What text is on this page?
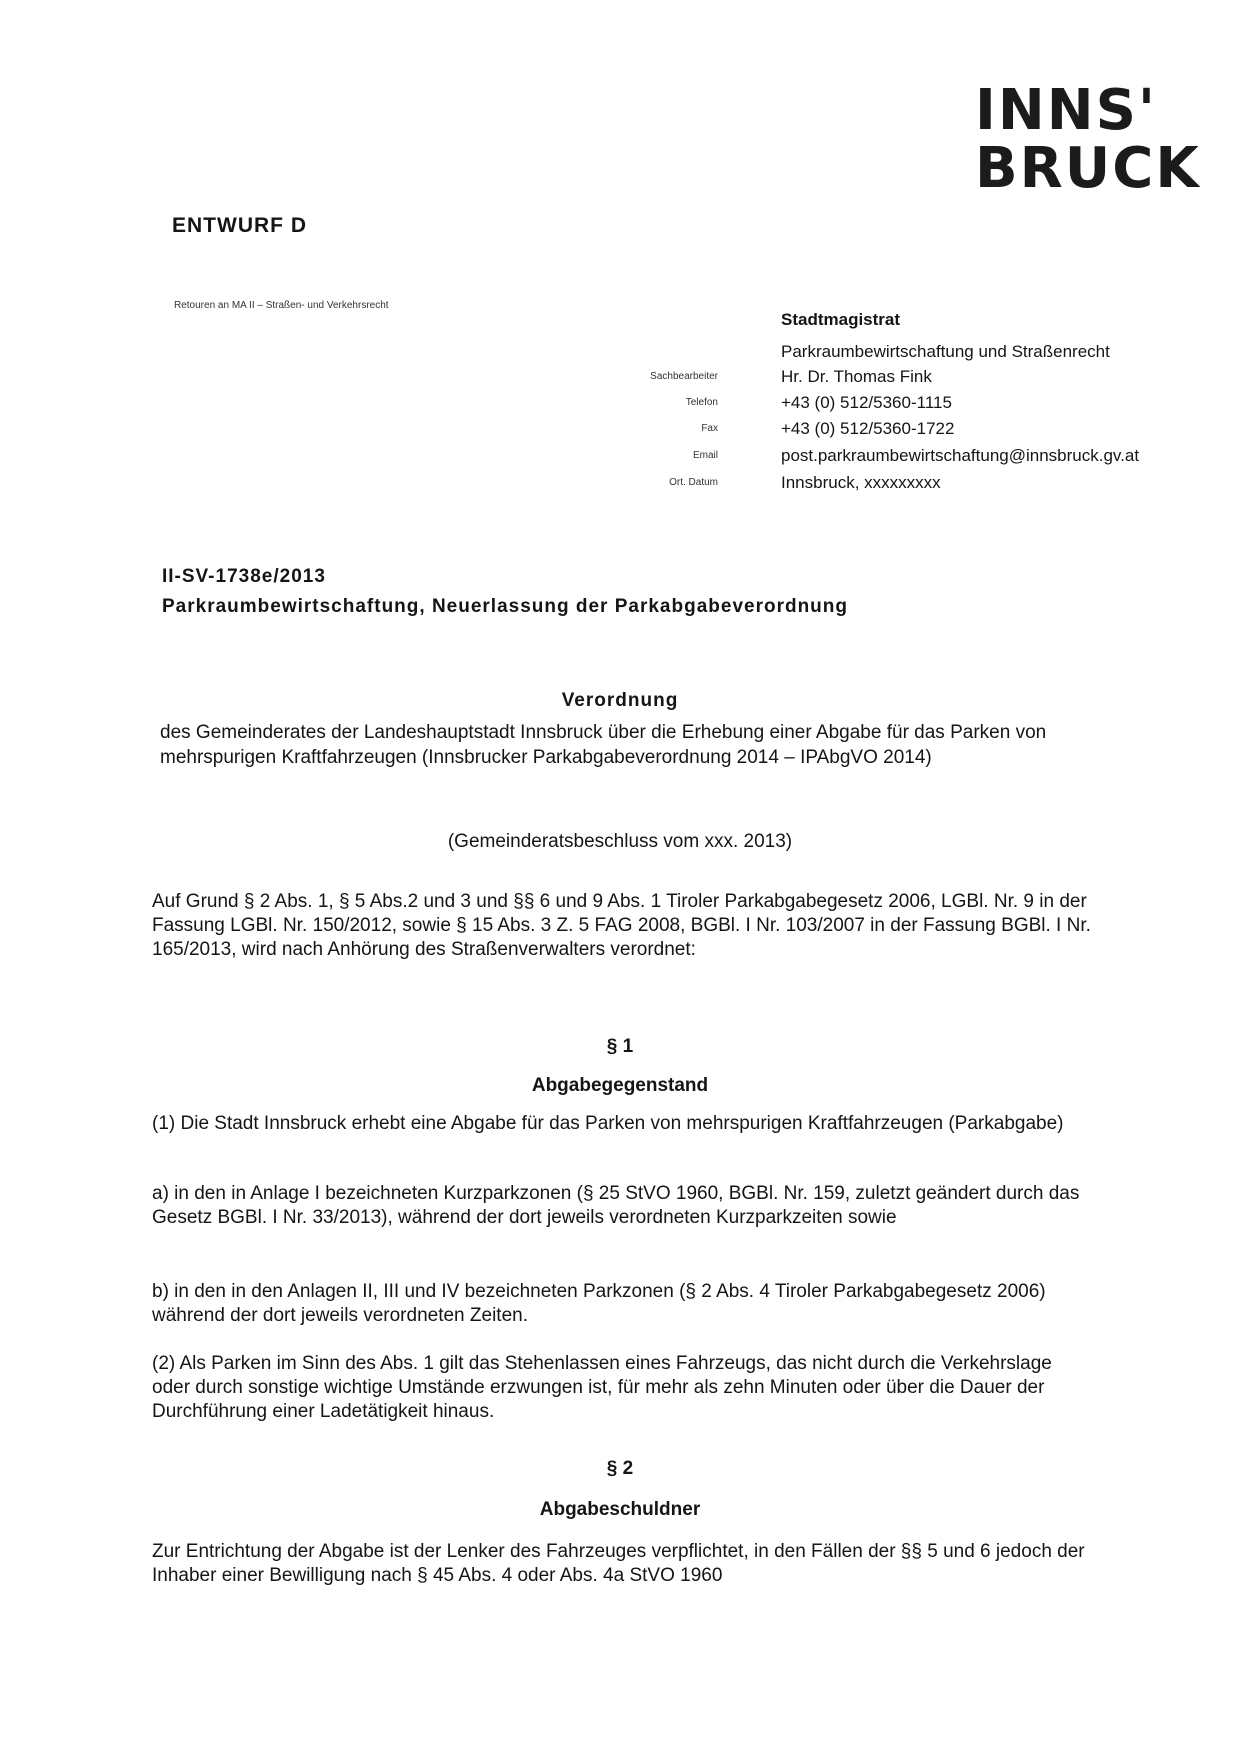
INNS'
BRUCK
ENTWURF D
Retouren an MA II – Straßen- und Verkehrsrecht
Stadtmagistrat
Parkraumbewirtschaftung und Straßenrecht
Sachbearbeiter	Hr. Dr. Thomas Fink
Telefon	+43 (0) 512/5360-1115
Fax	+43 (0) 512/5360-1722
Email	post.parkraumbewirtschaftung@innsbruck.gv.at
Ort. Datum	Innsbruck, xxxxxxxxx
II-SV-1738e/2013
Parkraumbewirtschaftung, Neuerlassung der Parkabgabeverordnung
Verordnung
des Gemeinderates der Landeshauptstadt Innsbruck über die Erhebung einer Abgabe für das Parken von mehrspurigen Kraftfahrzeugen (Innsbrucker Parkabgabeverordnung 2014 – IPAbgVO 2014)
(Gemeinderatsbeschluss vom xxx. 2013)
Auf Grund § 2 Abs. 1, § 5 Abs.2 und 3 und §§ 6 und 9 Abs. 1 Tiroler Parkabgabegesetz 2006, LGBl. Nr. 9 in der Fassung LGBl. Nr. 150/2012, sowie § 15 Abs. 3 Z. 5 FAG 2008, BGBl. I Nr. 103/2007 in der Fassung BGBl. I Nr. 165/2013, wird nach Anhörung des Straßenverwalters verordnet:
§ 1
Abgabegegenstand
(1) Die Stadt Innsbruck erhebt eine Abgabe für das Parken von mehrspurigen Kraftfahrzeugen (Parkabgabe)
a) in den in Anlage I bezeichneten Kurzparkzonen (§ 25 StVO 1960, BGBl. Nr. 159, zuletzt geändert durch das Gesetz BGBl. I Nr. 33/2013), während der dort jeweils verordneten Kurzparkzeiten sowie
b) in den in den Anlagen II, III und IV bezeichneten Parkzonen (§ 2 Abs. 4 Tiroler Parkabgabegesetz 2006) während der dort jeweils verordneten Zeiten.
(2) Als Parken im Sinn des Abs. 1 gilt das Stehenlassen eines Fahrzeugs, das nicht durch die Verkehrslage oder durch sonstige wichtige Umstände erzwungen ist, für mehr als zehn Minuten oder über die Dauer der Durchführung einer Ladetätigkeit hinaus.
§ 2
Abgabeschuldner
Zur Entrichtung der Abgabe ist der Lenker des Fahrzeuges verpflichtet, in den Fällen der §§ 5 und 6 jedoch der Inhaber einer Bewilligung nach § 45 Abs. 4 oder Abs. 4a StVO 1960
